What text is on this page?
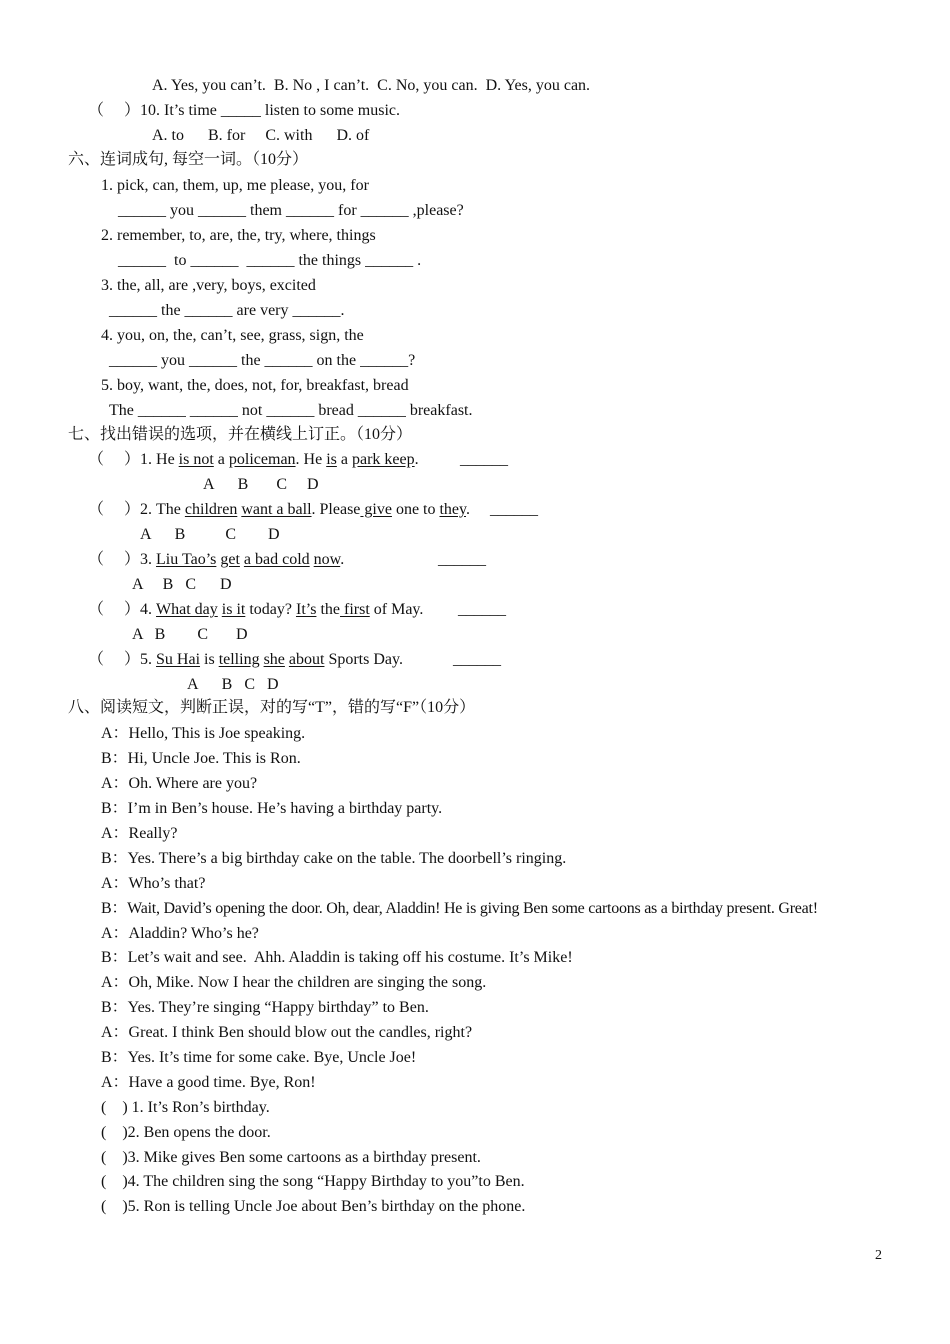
A. Yes, you can’t.  B. No , I can’t.  C. No, you can.  D. Yes, you can.
（　 ）10. It’s time _____ listen to some music.
A. to      B. for     C. with      D. of
六、连词成句, 每空一词。（10分）
1. pick, can, them, up, me please, you, for
______ you ______ them ______ for ______ ,please?
2. remember, to, are, the, try, where, things
______  to ______  ______ the things ______ .
3. the, all, are ,very, boys, excited
______ the ______ are very ______.
4. you, on, the, can’t, see, grass, sign, the
______ you ______ the ______ on the ______?
5. boy, want, the, does, not, for, breakfast, bread
The ______ ______ not ______ bread ______ breakfast.
七、找出错误的选项，并在横线上订正。（10分）
（　 ）1. He is not a policeman. He is a park keep.	______
A      B       C     D
（　 ）2. The children want a ball. Please give one to they. ______
A      B          C        D
（　 ）3. Liu Tao’s get a bad cold now.	______
A     B   C      D
（　 ）4. What day is it today? It’s the first of May. ______
A   B        C       D
（　 ）5. Su Hai is telling she about Sports Day.	______
A      B   C   D
八、阅读短文，判断正误，对的写“T”，错的写“F”（10分）
A：Hello, This is Joe speaking.
B：Hi, Uncle Joe. This is Ron.
A：Oh. Where are you?
B：I’m in Ben’s house. He’s having a birthday party.
A：Really?
B：Yes. There’s a big birthday cake on the table. The doorbell’s ringing.
A：Who’s that?
B：Wait, David’s opening the door. Oh, dear, Aladdin! He is giving Ben some cartoons as a birthday present. Great!
A：Aladdin? Who’s he?
B：Let’s wait and see.  Ahh. Aladdin is taking off his costume. It’s Mike!
A：Oh, Mike. Now I hear the children are singing the song.
B：Yes. They’re singing “Happy birthday” to Ben.
A：Great. I think Ben should blow out the candles, right?
B：Yes. It’s time for some cake. Bye, Uncle Joe!
A：Have a good time. Bye, Ron!
(    ) 1. It’s Ron’s birthday.
(    )2. Ben opens the door.
(    )3. Mike gives Ben some cartoons as a birthday present.
(    )4. The children sing the song “Happy Birthday to you”to Ben.
(    )5. Ron is telling Uncle Joe about Ben’s birthday on the phone.
2
